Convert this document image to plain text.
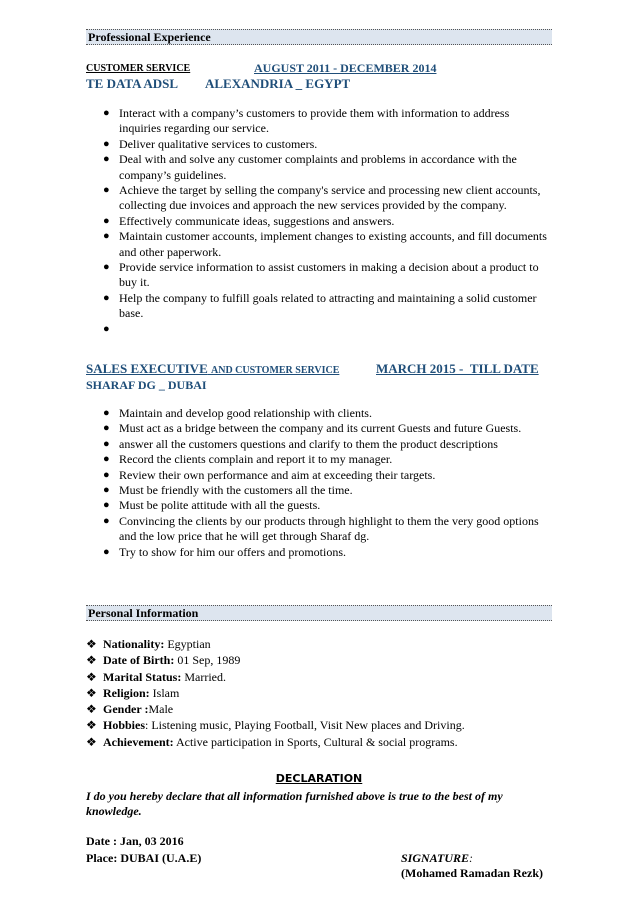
Professional Experience
CUSTOMER SERVICE	AUGUST 2011 - DECEMBER 2014
TE DATA ADSL ALEXANDRIA _ EGYPT
● Interact with a company’s customers to provide them with information to address inquiries regarding our service.
● Deliver qualitative services to customers.
● Deal with and solve any customer complaints and problems in accordance with the company’s guidelines.
● Achieve the target by selling the company's service and processing new client accounts, collecting due invoices and approach the new services provided by the company.
● Effectively communicate ideas, suggestions and answers.
● Maintain customer accounts, implement changes to existing accounts, and fill documents and other paperwork.
● Provide service information to assist customers in making a decision about a product to buy it.
● Help the company to fulfill goals related to attracting and maintaining a solid customer base.
●

SALES EXECUTIVE AND CUSTOMER SERVICE	MARCH 2015 -_TILL DATE
SHARAF DG _ DUBAI
● Maintain and develop good relationship with clients.
● Must act as a bridge between the company and its current Guests and future Guests.
● answer all the customers questions and clarify to them the product descriptions
● Record the clients complain and report it to my manager.
● Review their own performance and aim at exceeding their targets.
● Must be friendly with the customers all the time.
● Must be polite attitude with all the guests.
● Convincing the clients by our products through highlight to them the very good options and the low price that he will get through Sharaf dg.
● Try to show for him our offers and promotions.
Personal Information
❖ Nationality: Egyptian
❖ Date of Birth: 01 Sep, 1989
❖ Marital Status: Married.
❖ Religion: Islam
❖ Gender :Male
❖ Hobbies: Listening music, Playing Football, Visit New places and Driving.
❖ Achievement: Active participation in Sports, Cultural & social programs.
DECLARATION
I do you hereby declare that all information furnished above is true to the best of my knowledge.
Date : Jan, 03 2016
Place: DUBAI (U.A.E)	SIGNATURE:
(Mohamed Ramadan Rezk)
